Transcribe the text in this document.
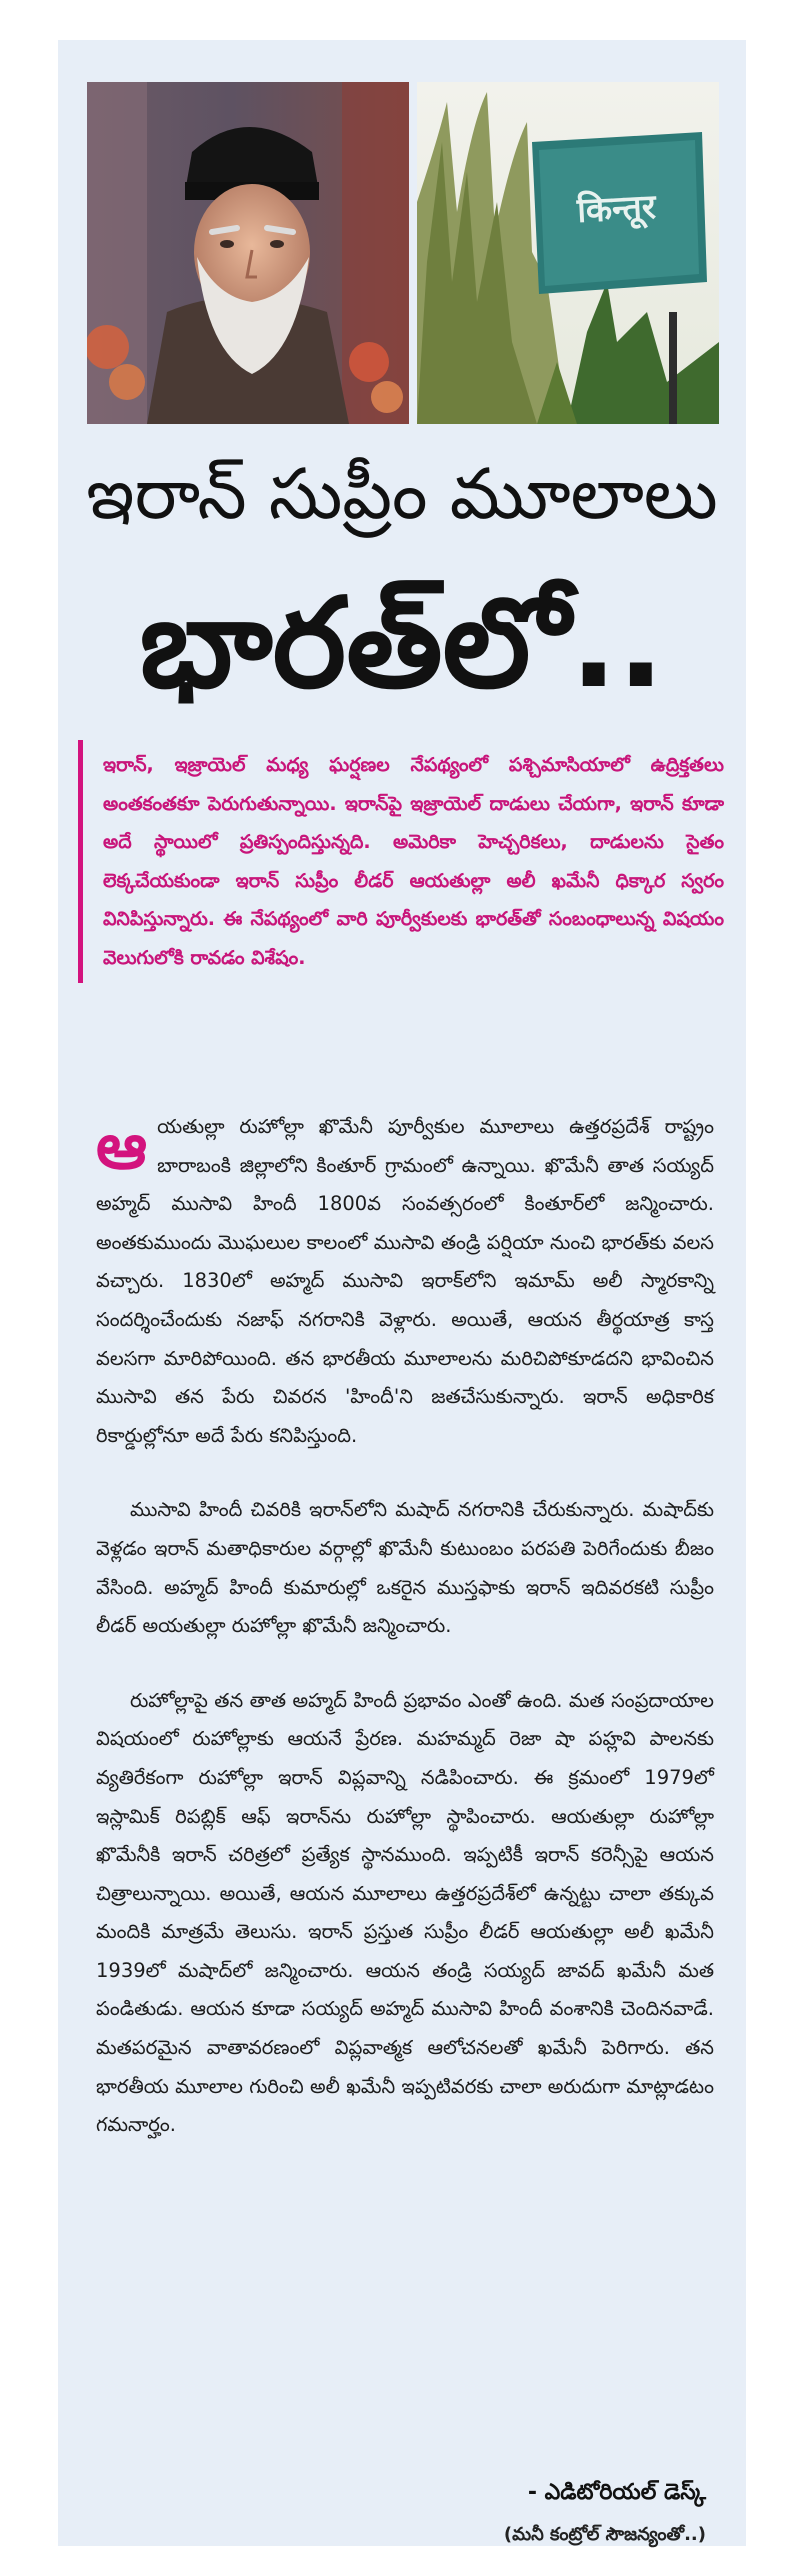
किन्तूर
ఇరాన్ సుప్రీం మూలాలు
భారత్‌లో..
ఇరాన్, ఇజ్రాయెల్ మధ్య ఘర్షణల నేపథ్యంలో పశ్చిమాసియాలో ఉద్రిక్తతలు అంతకంతకూ పెరుగుతున్నాయి. ఇరాన్‌పై ఇజ్రాయెల్ దాడులు చేయగా, ఇరాన్ కూడా అదే స్థాయిలో ప్రతిస్పందిస్తున్నది. అమెరికా హెచ్చరికలు, దాడులను సైతం లెక్కచేయకుండా ఇరాన్ సుప్రీం లీడర్ ఆయతుల్లా అలీ ఖమేనీ ధిక్కార స్వరం వినిపిస్తున్నారు. ఈ నేపథ్యంలో వారి పూర్వీకులకు భారత్‌తో సంబంధాలున్న విషయం వెలుగులోకి రావడం విశేషం.

ఆయతుల్లా రుహోల్లా ఖొమేనీ పూర్వీకుల మూలాలు ఉత్తరప్రదేశ్ రాష్ట్రం బారాబంకి జిల్లాలోని కింతూర్ గ్రామంలో ఉన్నాయి. ఖొమేనీ తాత సయ్యద్ అహ్మద్ ముసావి హిందీ 1800వ సంవత్సరంలో కింతూర్‌లో జన్మించారు. అంతకుముందు మొఘలుల కాలంలో ముసావి తండ్రి పర్షియా నుంచి భారత్‌కు వలస వచ్చారు. 1830లో అహ్మద్ ముసావి ఇరాక్‌లోని ఇమామ్ అలీ స్మారకాన్ని సందర్శించేందుకు నజాఫ్ నగరానికి వెళ్లారు. అయితే, ఆయన తీర్థయాత్ర కాస్త వలసగా మారిపోయింది. తన భారతీయ మూలాలను మరిచిపోకూడదని భావించిన ముసావి తన పేరు చివరన 'హిందీ'ని జతచేసుకున్నారు. ఇరాన్ అధికారిక రికార్డుల్లోనూ అదే పేరు కనిపిస్తుంది.

ముసావి హిందీ చివరికి ఇరాన్‌లోని మషాద్ నగరానికి చేరుకున్నారు. మషాద్‌కు వెళ్లడం ఇరాన్ మతాధికారుల వర్గాల్లో ఖొమేనీ కుటుంబం పరపతి పెరిగేందుకు బీజం వేసింది. అహ్మద్ హిందీ కుమారుల్లో ఒకరైన ముస్తఫాకు ఇరాన్ ఇదివరకటి సుప్రీం లీడర్ అయతుల్లా రుహోల్లా ఖొమేనీ జన్మించారు.

రుహోల్లాపై తన తాత అహ్మద్ హిందీ ప్రభావం ఎంతో ఉంది. మత సంప్రదాయాల విషయంలో రుహోల్లాకు ఆయనే ప్రేరణ. మహమ్మద్ రెజా షా పహ్లవి పాలనకు వ్యతిరేకంగా రుహోల్లా ఇరాన్ విప్లవాన్ని నడిపించారు. ఈ క్రమంలో 1979లో ఇస్లామిక్ రిపబ్లిక్ ఆఫ్ ఇరాన్‌ను రుహోల్లా స్థాపించారు. ఆయతుల్లా రుహోల్లా ఖొమేనీకి ఇరాన్ చరిత్రలో ప్రత్యేక స్థానముంది. ఇప్పటికీ ఇరాన్ కరెన్సీపై ఆయన చిత్రాలున్నాయి. అయితే, ఆయన మూలాలు ఉత్తరప్రదేశ్‌లో ఉన్నట్టు చాలా తక్కువ మందికి మాత్రమే తెలుసు. ఇరాన్ ప్రస్తుత సుప్రీం లీడర్ ఆయతుల్లా అలీ ఖమేనీ 1939లో మషాద్‌లో జన్మించారు. ఆయన తండ్రి సయ్యద్ జావద్ ఖమేనీ మత పండితుడు. ఆయన కూడా సయ్యద్ అహ్మద్ ముసావి హిందీ వంశానికి చెందినవాడే. మతపరమైన వాతావరణంలో విప్లవాత్మక ఆలోచనలతో ఖమేనీ పెరిగారు. తన భారతీయ మూలాల గురించి అలీ ఖమేనీ ఇప్పటివరకు చాలా అరుదుగా మాట్లాడటం గమనార్హం.

- ఎడిటోరియల్ డెస్క్
(మనీ కంట్రోల్ సౌజన్యంతో..)
